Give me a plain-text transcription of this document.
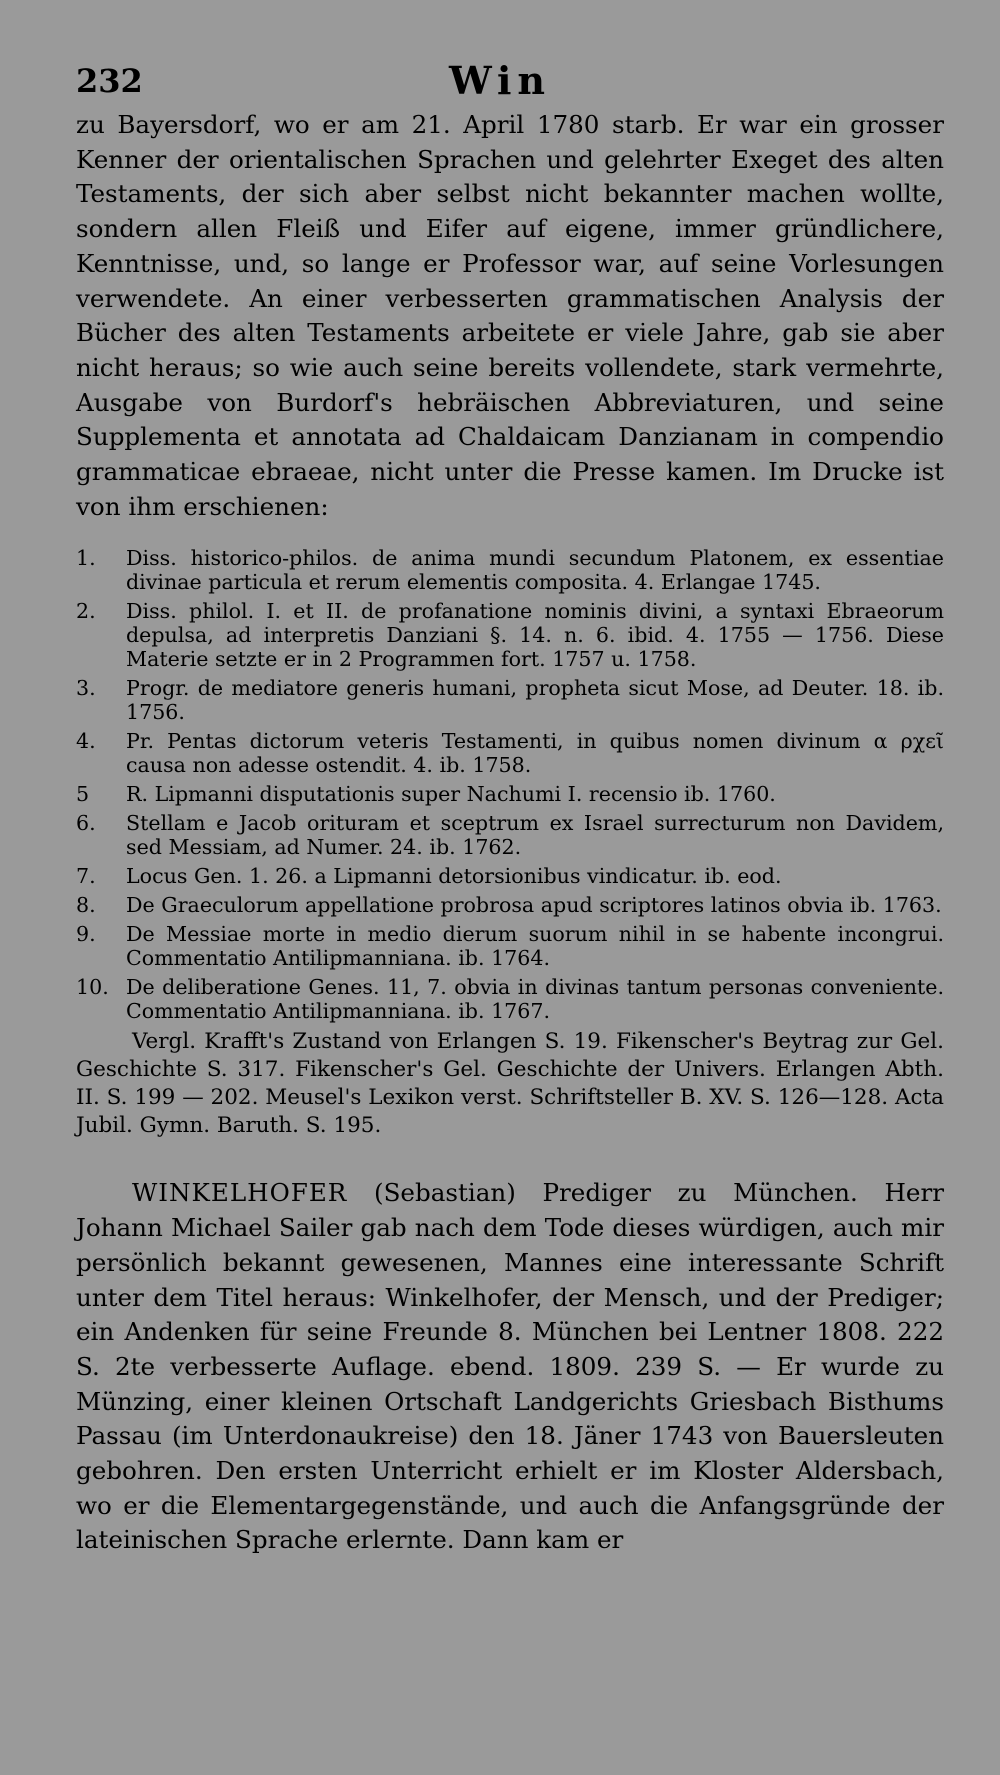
232	Win

zu Bayersdorf, wo er am 21. April 1780 starb. Er war ein grosser Kenner der orientalischen Sprachen und gelehrter Exeget des alten Testaments, der sich aber selbst nicht bekannter machen wollte, sondern allen Fleiß und Eifer auf eigene, immer gründlichere, Kenntnisse, und, so lange er Professor war, auf seine Vorlesungen verwendete. An einer verbesserten grammatischen Analysis der Bücher des alten Testaments arbeitete er viele Jahre, gab sie aber nicht heraus; so wie auch seine bereits vollendete, stark vermehrte, Ausgabe von Burdorf's hebräischen Abbreviaturen, und seine Supplementa et annotata ad Chaldaicam Danzianam in compendio grammaticae ebraeae, nicht unter die Presse kamen. Im Drucke ist von ihm erschienen:

1.	Diss. historico-philos. de anima mundi secundum Platonem, ex essentiae divinae particula et rerum elementis composita. 4. Erlangae 1745.
2.	Diss. philol. I. et II. de profanatione nominis divini, a syntaxi Ebraeorum depulsa, ad interpretis Danziani §. 14. n. 6. ibid. 4. 1755 — 1756. Diese Materie setzte er in 2 Programmen fort. 1757 u. 1758.
3.	Progr. de mediatore generis humani, propheta sicut Mose, ad Deuter. 18. ib. 1756.
4.	Pr. Pentas dictorum veteris Testamenti, in quibus nomen divinum α ρχεῖ causa non adesse ostendit. 4. ib. 1758.
5	R. Lipmanni disputationis super Nachumi I. recensio ib. 1760.
6.	Stellam e Jacob orituram et sceptrum ex Israel surrecturum non Davidem, sed Messiam, ad Numer. 24. ib. 1762.
7.	Locus Gen. 1. 26. a Lipmanni detorsionibus vindicatur. ib. eod.
8.	De Graeculorum appellatione probrosa apud scriptores latinos obvia ib. 1763.
9.	De Messiae morte in medio dierum suorum nihil in se habente incongrui. Commentatio Antilipmanniana. ib. 1764.
10. De deliberatione Genes. 11, 7. obvia in divinas tantum personas conveniente. Commentatio Antilipmanniana. ib. 1767.

Vergl. Krafft's Zustand von Erlangen S. 19. Fikenscher's Beytrag zur Gel. Geschichte S. 317. Fikenscher's Gel. Geschichte der Univers. Erlangen Abth. II. S. 199 — 202. Meusel's Lexikon verst. Schriftsteller B. XV. S. 126—128. Acta Jubil. Gymn. Baruth. S. 195.

WINKELHOFER (Sebastian) Prediger zu München. Herr Johann Michael Sailer gab nach dem Tode dieses würdigen, auch mir persönlich bekannt gewesenen, Mannes eine interessante Schrift unter dem Titel heraus: Winkelhofer, der Mensch, und der Prediger; ein Andenken für seine Freunde 8. München bei Lentner 1808. 222 S. 2te verbesserte Auflage. ebend. 1809. 239 S. — Er wurde zu Münzing, einer kleinen Ortschaft Landgerichts Griesbach Bisthums Passau (im Unterdonaukreise) den 18. Jäner 1743 von Bauersleuten gebohren. Den ersten Unterricht erhielt er im Kloster Aldersbach, wo er die Elementargegenstände, und auch die Anfangsgründe der lateinischen Sprache erlernte. Dann kam er
